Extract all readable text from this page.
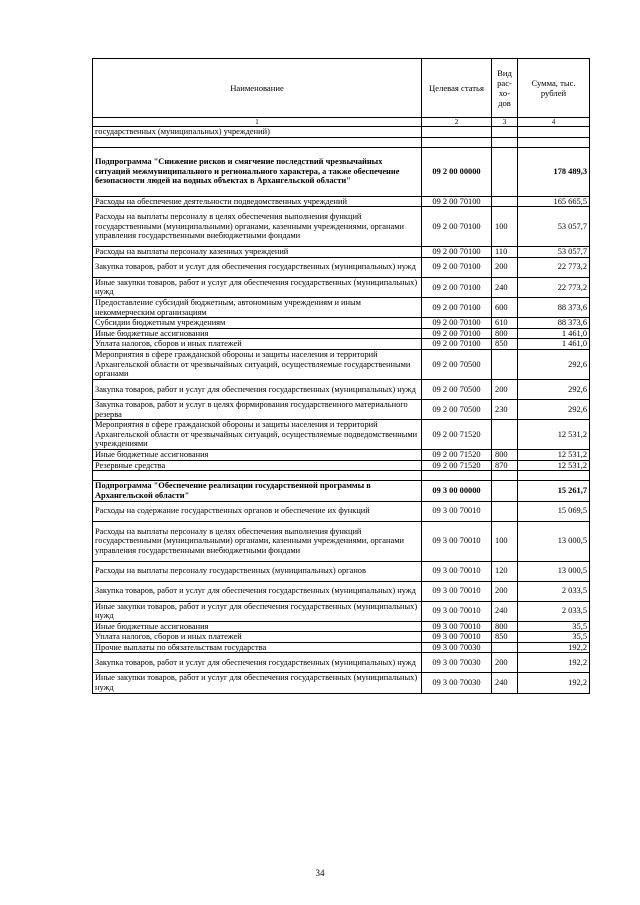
Наименование	Целевая статья	Вид рас- хо- дов	Сумма, тыс. рублей
1	2	3	4
государственных (муниципальных) учреждений)			

Подпрограмма "Снижение рисков и смягчение последствий чрезвычайных ситуаций межмуниципального и регионального характера, а также обеспечение безопасности людей на водных объектах в Архангельской области"	09 2 00 00000		178 489,3
Расходы на обеспечение деятельности подведомственных учреждений	09 2 00 70100		165 665,5
Расходы на выплаты персоналу в целях обеспечения выполнения функций государственными (муниципальными) органами, казенными учреждениями, органами управления государственными внебюджетными фондами	09 2 00 70100	100	53 057,7
Расходы на выплаты персоналу казенных учреждений	09 2 00 70100	110	53 057,7
Закупка товаров, работ и услуг для обеспечения государственных (муниципальных) нужд	09 2 00 70100	200	22 773,2
Иные закупки товаров, работ и услуг для обеспечения государственных (муниципальных) нужд	09 2 00 70100	240	22 773,2
Предоставление субсидий бюджетным, автономным учреждениям и иным некоммерческим организациям	09 2 00 70100	600	88 373,6
Субсидии бюджетным учреждениям	09 2 00 70100	610	88 373,6
Иные бюджетные ассигнования	09 2 00 70100	800	1 461,0
Уплата налогов, сборов и иных платежей	09 2 00 70100	850	1 461,0
Мероприятия в сфере гражданской обороны и защиты населения и территорий Архангельской области от чрезвычайных ситуаций, осуществляемые государственными органами	09 2 00 70500		292,6
Закупка товаров, работ и услуг для обеспечения государственных (муниципальных) нужд	09 2 00 70500	200	292,6
Закупка товаров, работ и услуг в целях формирования государственного материального резерва	09 2 00 70500	230	292,6
Мероприятия в сфере гражданской обороны и защиты населения и территорий Архангельской области от чрезвычайных ситуаций, осуществляемые подведомственными учреждениями	09 2 00 71520		12 531,2
Иные бюджетные ассигнования	09 2 00 71520	800	12 531,2
Резервные средства	09 2 00 71520	870	12 531,2

Подпрограмма "Обеспечение реализации государственной программы в Архангельской области"	09 3 00 00000		15 261,7
Расходы на содержание государственных органов и обеспечение их функций	09 3 00 70010		15 069,5
Расходы на выплаты персоналу в целях обеспечения выполнения функций государственными (муниципальными) органами, казенными учреждениями, органами управления государственными внебюджетными фондами	09 3 00 70010	100	13 000,5
Расходы на выплаты персоналу государственных (муниципальных) органов	09 3 00 70010	120	13 000,5
Закупка товаров, работ и услуг для обеспечения государственных (муниципальных) нужд	09 3 00 70010	200	2 033,5
Иные закупки товаров, работ и услуг для обеспечения государственных (муниципальных) нужд	09 3 00 70010	240	2 033,5
Иные бюджетные ассигнования	09 3 00 70010	800	35,5
Уплата налогов, сборов и иных платежей	09 3 00 70010	850	35,5
Прочие выплаты по обязательствам государства	09 3 00 70030		192,2
Закупка товаров, работ и услуг для обеспечения государственных (муниципальных) нужд	09 3 00 70030	200	192,2
Иные закупки товаров, работ и услуг для обеспечения государственных (муниципальных) нужд	09 3 00 70030	240	192,2
34
